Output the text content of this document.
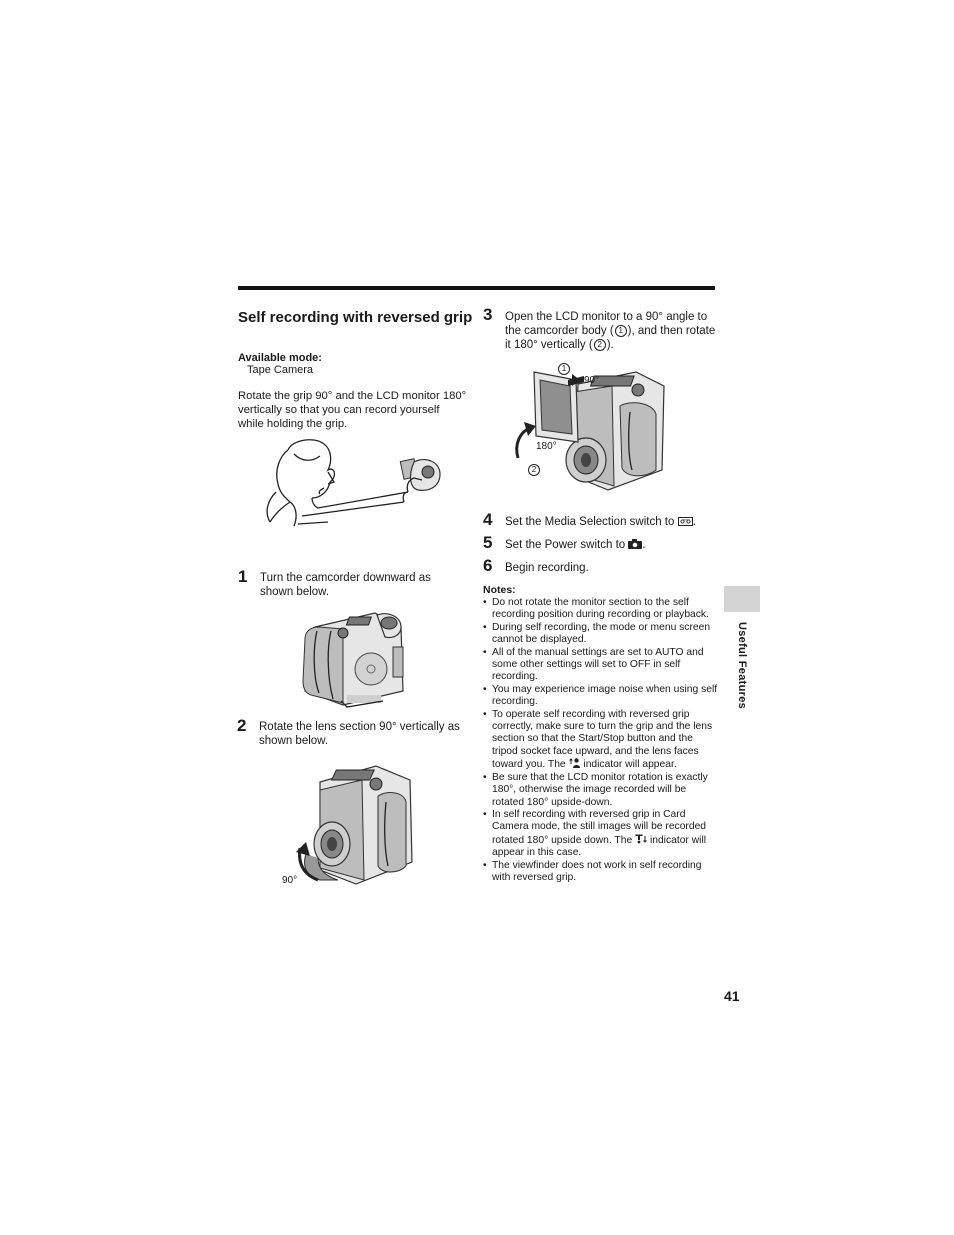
Self recording with reversed grip
Available mode:
Tape Camera
Rotate the grip 90° and the LCD monitor 180° vertically so that you can record yourself while holding the grip.
1 Turn the camcorder downward as shown below.
2 Rotate the lens section 90° vertically as shown below.
90°
3 Open the LCD monitor to a 90° angle to the camcorder body ( 1 ), and then rotate it 180° vertically ( 2 ).
1
90°
180°
2
4 Set the Media Selection switch to .
5 Set the Power switch to .
6 Begin recording.
Notes:
• Do not rotate the monitor section to the self recording position during recording or playback.
• During self recording, the mode or menu screen cannot be displayed.
• All of the manual settings are set to AUTO and some other settings will set to OFF in self recording.
• You may experience image noise when using self recording.
• To operate self recording with reversed grip correctly, make sure to turn the grip and the lens section so that the Start/Stop button and the tripod socket face upward, and the lens faces toward you. The indicator will appear.
• Be sure that the LCD monitor rotation is exactly 180°, otherwise the image recorded will be rotated 180° upside-down.
• In self recording with reversed grip in Card Camera mode, the still images will be recorded rotated 180° upside down. The indicator will appear in this case.
• The viewfinder does not work in self recording with reversed grip.
Useful Features
41
